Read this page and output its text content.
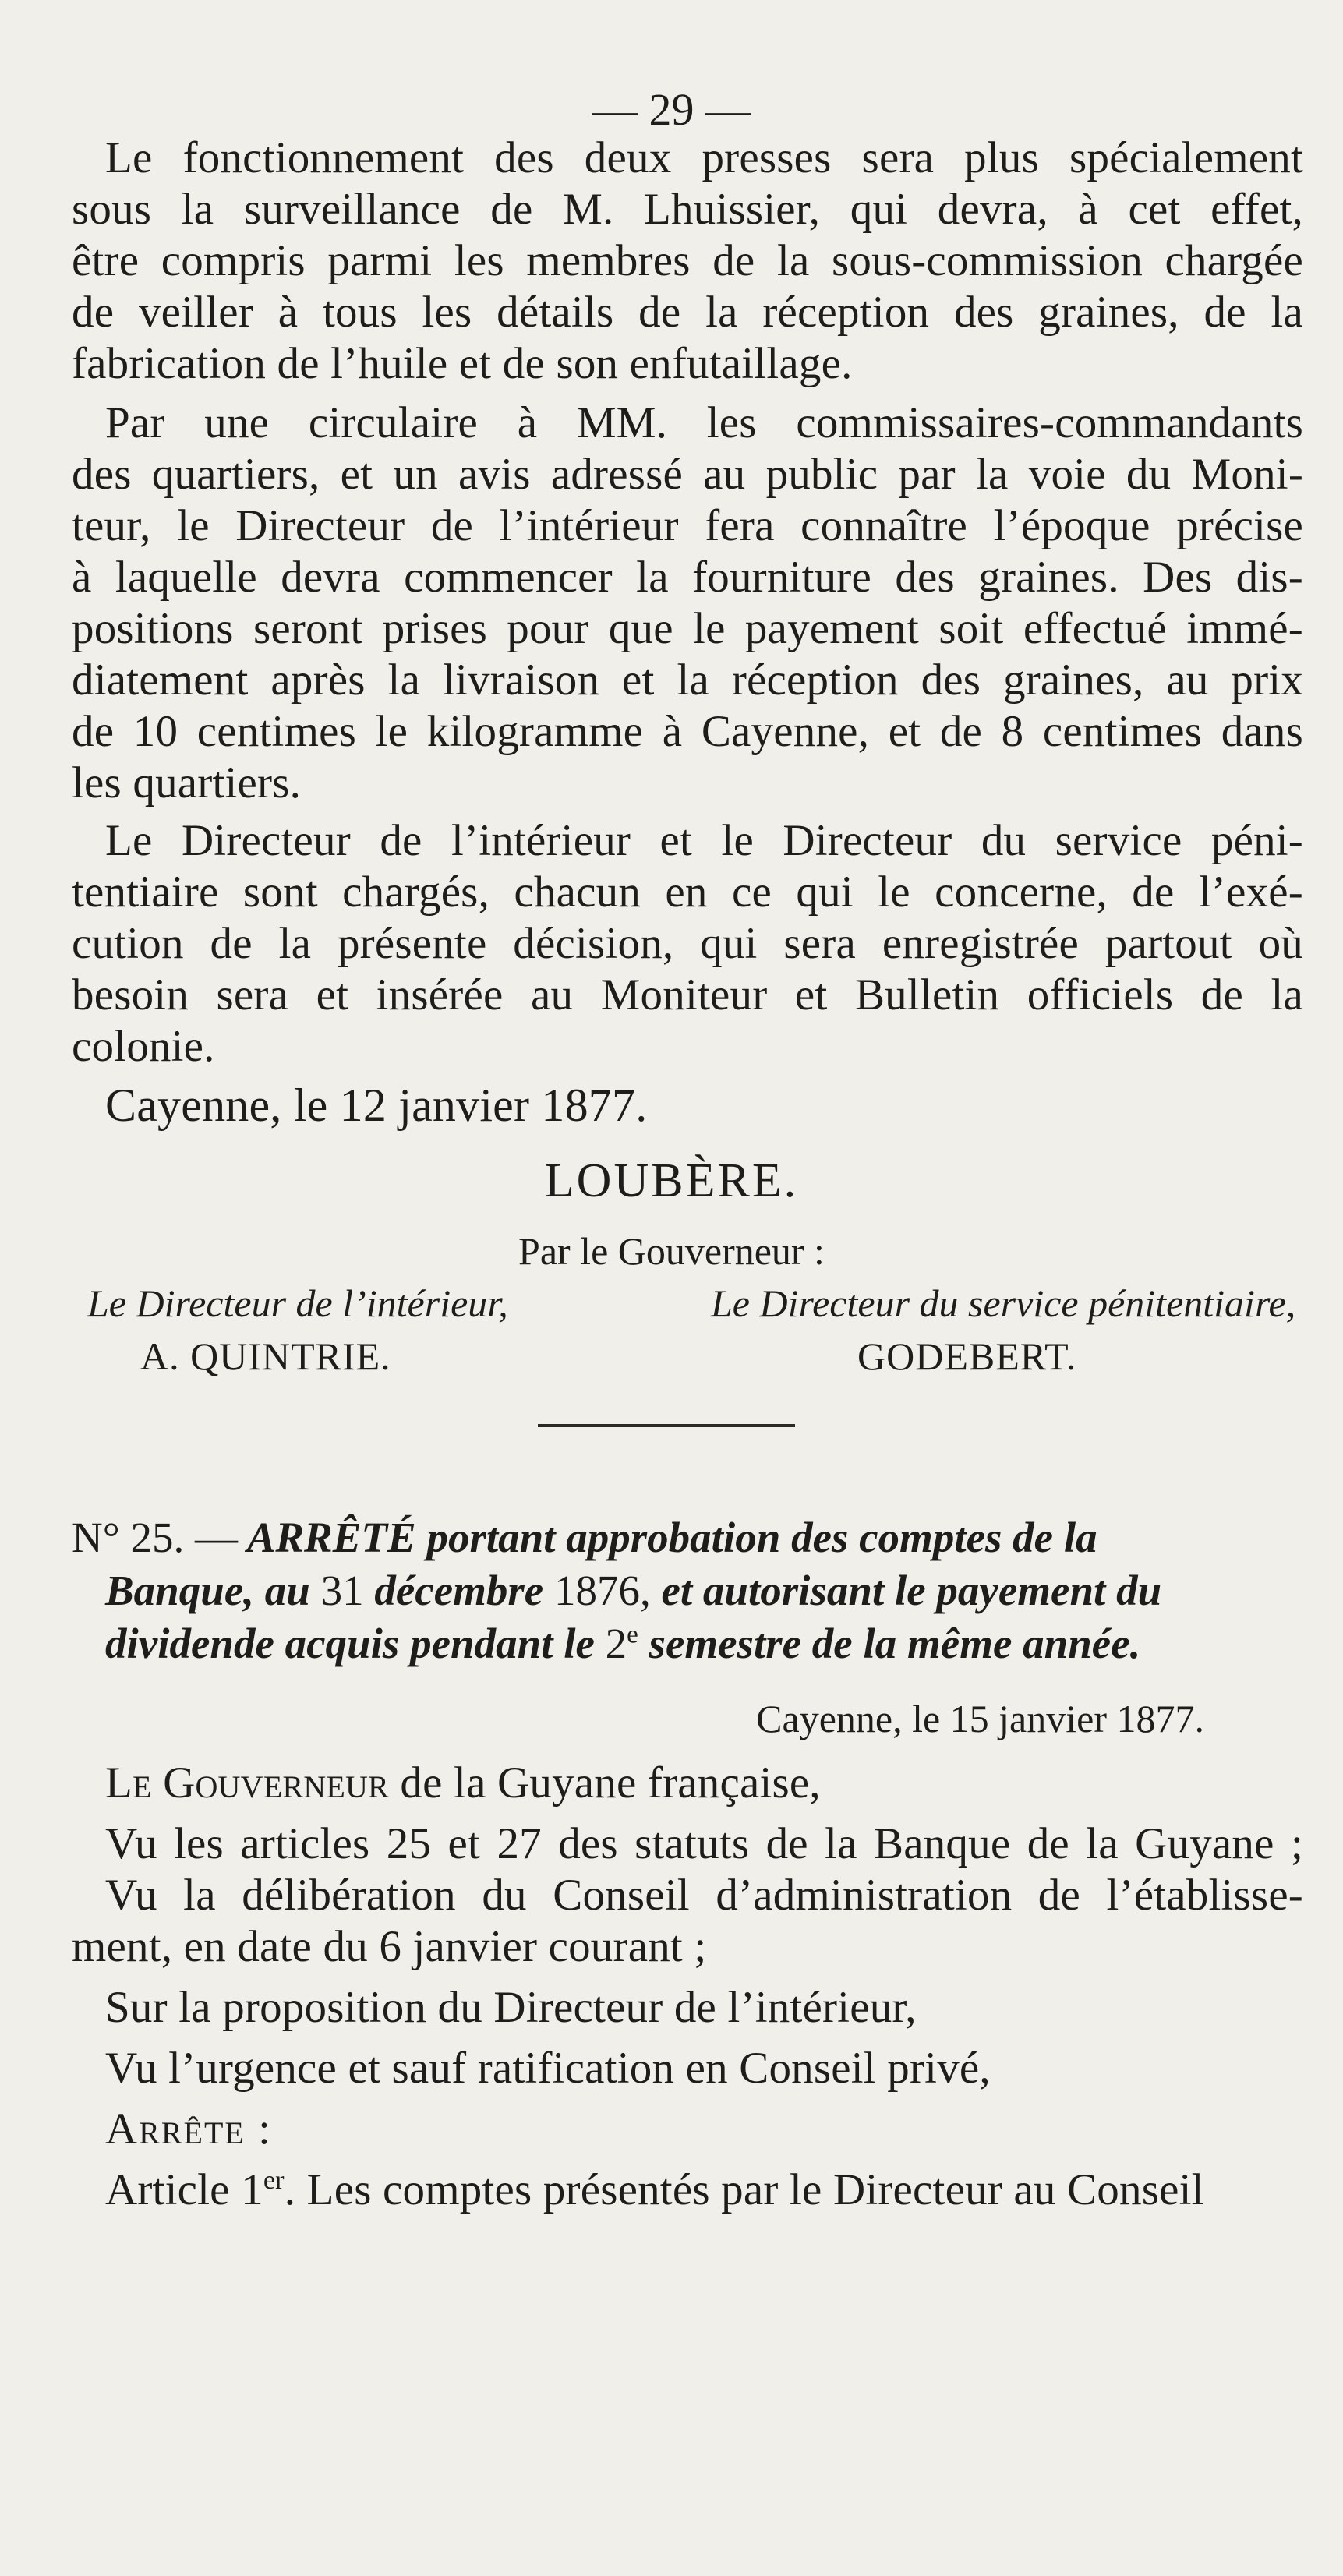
— 29 —
Le fonctionnement des deux presses sera plus spécialement
sous la surveillance de M. Lhuissier, qui devra, à cet effet,
être compris parmi les membres de la sous-commission chargée
de veiller à tous les détails de la réception des graines, de la
fabrication de l’huile et de son enfutaillage.
Par une circulaire à MM. les commissaires-commandants
des quartiers, et un avis adressé au public par la voie du Moni-
teur, le Directeur de l’intérieur fera connaître l’époque précise
à laquelle devra commencer la fourniture des graines. Des dis-
positions seront prises pour que le payement soit effectué immé-
diatement après la livraison et la réception des graines, au prix
de 10 centimes le kilogramme à Cayenne, et de 8 centimes dans
les quartiers.
Le Directeur de l’intérieur et le Directeur du service péni-
tentiaire sont chargés, chacun en ce qui le concerne, de l’exé-
cution de la présente décision, qui sera enregistrée partout où
besoin sera et insérée au Moniteur et Bulletin officiels de la
colonie.
Cayenne, le 12 janvier 1877.
LOUBÈRE.
Par le Gouverneur :
Le Directeur de l’intérieur,	Le Directeur du service pénitentiaire,
A. QUINTRIE.	GODEBERT.
N° 25. — ARRÊTÉ portant approbation des comptes de la
Banque, au 31 décembre 1876, et autorisant le payement du
dividende acquis pendant le 2e semestre de la même année.
Cayenne, le 15 janvier 1877.
Le Gouverneur de la Guyane française,
Vu les articles 25 et 27 des statuts de la Banque de la Guyane ;
Vu la délibération du Conseil d’administration de l’établisse-
ment, en date du 6 janvier courant ;
Sur la proposition du Directeur de l’intérieur,
Vu l’urgence et sauf ratification en Conseil privé,
Arrête :
Article 1er. Les comptes présentés par le Directeur au Conseil
